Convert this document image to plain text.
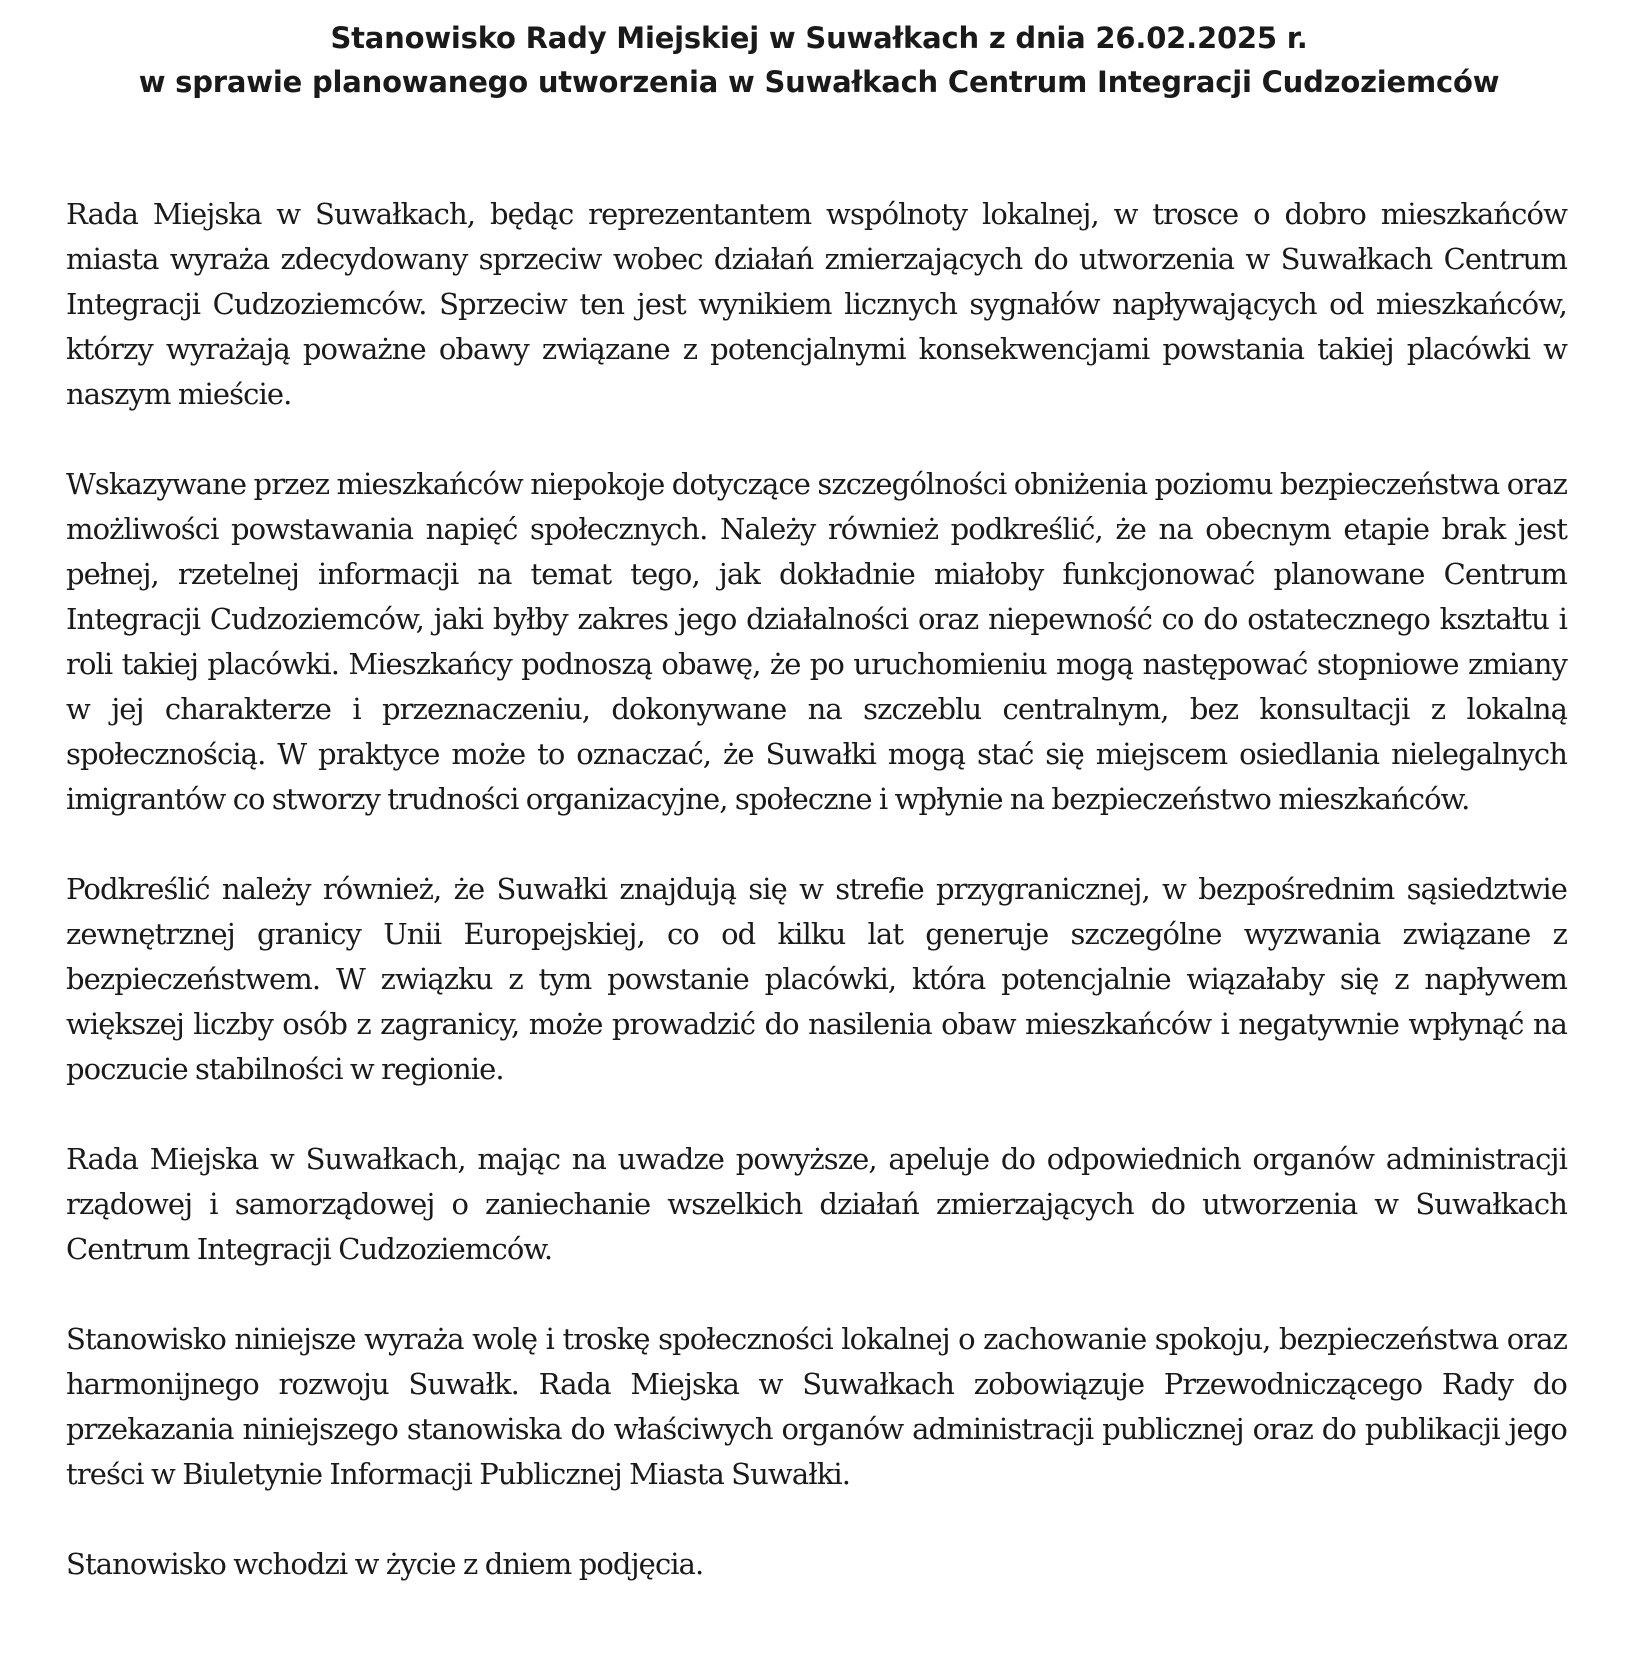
Stanowisko Rady Miejskiej w Suwałkach z dnia 26.02.2025 r.
w sprawie planowanego utworzenia w Suwałkach Centrum Integracji Cudzoziemców

Rada Miejska w Suwałkach, będąc reprezentantem wspólnoty lokalnej, w trosce o dobro mieszkańców miasta wyraża zdecydowany sprzeciw wobec działań zmierzających do utworzenia w Suwałkach Centrum Integracji Cudzoziemców. Sprzeciw ten jest wynikiem licznych sygnałów napływających od mieszkańców, którzy wyrażają poważne obawy związane z potencjalnymi konsekwencjami powstania takiej placówki w naszym mieście.

Wskazywane przez mieszkańców niepokoje dotyczące szczególności obniżenia poziomu bezpieczeństwa oraz możliwości powstawania napięć społecznych. Należy również podkreślić, że na obecnym etapie brak jest pełnej, rzetelnej informacji na temat tego, jak dokładnie miałoby funkcjonować planowane Centrum Integracji Cudzoziemców, jaki byłby zakres jego działalności oraz niepewność co do ostatecznego kształtu i roli takiej placówki. Mieszkańcy podnoszą obawę, że po uruchomieniu mogą następować stopniowe zmiany w jej charakterze i przeznaczeniu, dokonywane na szczeblu centralnym, bez konsultacji z lokalną społecznością. W praktyce może to oznaczać, że Suwałki mogą stać się miejscem osiedlania nielegalnych imigrantów co stworzy trudności organizacyjne, społeczne i wpłynie na bezpieczeństwo mieszkańców.

Podkreślić należy również, że Suwałki znajdują się w strefie przygranicznej, w bezpośrednim sąsiedztwie zewnętrznej granicy Unii Europejskiej, co od kilku lat generuje szczególne wyzwania związane z bezpieczeństwem. W związku z tym powstanie placówki, która potencjalnie wiązałaby się z napływem większej liczby osób z zagranicy, może prowadzić do nasilenia obaw mieszkańców i negatywnie wpłynąć na poczucie stabilności w regionie.

Rada Miejska w Suwałkach, mając na uwadze powyższe, apeluje do odpowiednich organów administracji rządowej i samorządowej o zaniechanie wszelkich działań zmierzających do utworzenia w Suwałkach Centrum Integracji Cudzoziemców.

Stanowisko niniejsze wyraża wolę i troskę społeczności lokalnej o zachowanie spokoju, bezpieczeństwa oraz harmonijnego rozwoju Suwałk. Rada Miejska w Suwałkach zobowiązuje Przewodniczącego Rady do przekazania niniejszego stanowiska do właściwych organów administracji publicznej oraz do publikacji jego treści w Biuletynie Informacji Publicznej Miasta Suwałki.

Stanowisko wchodzi w życie z dniem podjęcia.
